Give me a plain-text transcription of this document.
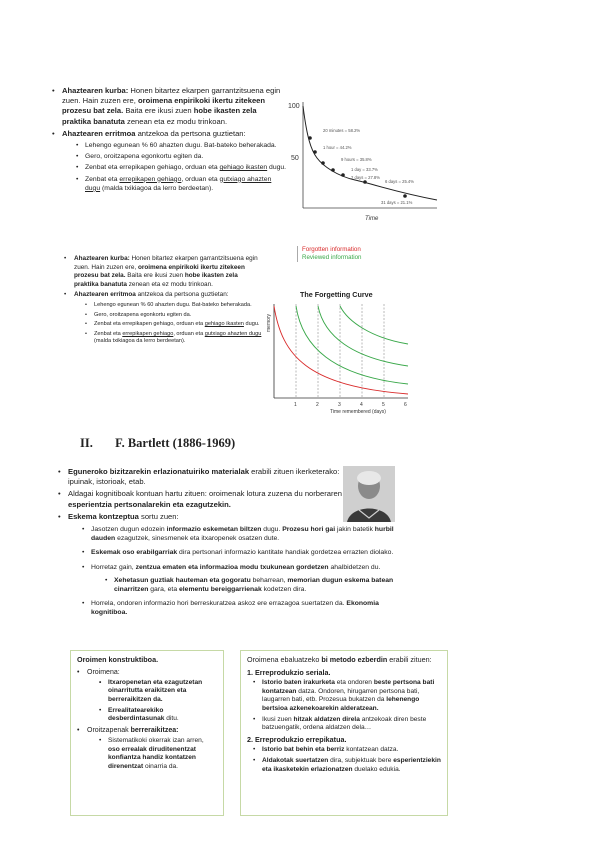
• Ahaztearen kurba: Honen bitartez ekarpen garrantzitsuena egin zuen. Hain zuzen ere, oroimena enpirikoki ikertu zitekeen prozesu bat zela. Baita ere ikusi zuen hobe ikasten zela praktika banatuta zenean eta ez modu trinkoan.
• Ahaztearen erritmoa antzekoa da pertsona guztietan:
• Lehengo egunean % 60 ahazten dugu. Bat-bateko beherakada.
• Gero, oroitzapena egonkortu egiten da.
• Zenbat eta errepikapen gehiago, orduan eta gehiago ikasten dugu.
• Zenbat eta errepikapen gehiago, orduan eta gutxiago ahazten dugu (malda txikiagoa da lerro berdeetan).
100
50
20 minutes = 58.2%
1 hour = 44.2%
9 hours = 35.8%
1 day = 33.7%
2 days = 27.8%
6 days = 25.4%
31 days = 21.1%
Time
• Ahaztearen kurba: Honen bitartez ekarpen garrantzitsuena egin zuen. Hain zuzen ere, oroimena enpirikoki ikertu zitekeen prozesu bat zela. Baita ere ikusi zuen hobe ikasten zela praktika banatuta zenean eta ez modu trinkoan.
• Ahaztearen erritmoa antzekoa da pertsona guztietan:
• Lehengo egunean % 60 ahazten dugu. Bat-bateko beherakada.
• Gero, oroitzapena egonkortu egiten da.
• Zenbat eta errepikapen gehiago, orduan eta gehiago ikasten dugu.
• Zenbat eta errepikapen gehiago, orduan eta gutxiago ahazten dugu (malda txikiagoa da lerro berdeetan).
Forgotten information
Reviewed information
The Forgetting Curve
memory
1	2	3	4	5	6
Time remembered (days)
II. F. Bartlett (1886-1969)
• Eguneroko bizitzarekin erlazionatuiriko materialak erabili zituen ikerketerako: ipuinak, istorioak, etab.
• Aldagai kognitiboak kontuan hartu zituen: oroimenak lotura zuzena du norberaren esperientzia pertsonalarekin eta ezagutzekin.
• Eskema kontzeptua sortu zuen:
• Jasotzen dugun edozein informazio eskemetan biltzen dugu. Prozesu hori gai jakin batetik hurbil dauden ezagutzek, sinesmenek eta itxaropenek osatzen dute.
• Eskemak oso erabilgarriak dira pertsonari informazio kantitate handiak gordetzea errazten diolako.
• Horretaz gain, zentzua ematen eta informazioa modu txukunean gordetzen ahalbidetzen du.
• Xehetasun guztiak hauteman eta gogoratu beharrean, memorian dugun eskema batean cinarritzen gara, eta elementu bereiggarrienak kodetzen dira.
• Horrela, ondoren informazio hori berreskuratzea askoz ere errazagoa suertatzen da. Ekonomia kognitiboa.
Oroimen konstruktiboa.
• Oroimena:
• Itxaropenetan eta ezagutzetan oinarritutta eraikitzen eta berreraikitzen da.
• Errealitatearekiko desberdintasunak ditu.
• Oroitzapenak berreraikitzea:
• Sistematikoki okerrak izan arren, oso errealak diruditenentzat konfiantza handiz kontatzen direnentzat oinarria da.
Oroimena ebaluatzeko bi metodo ezberdin erabili zituen:
1. Erreprodukzio seriala.
• Istorio baten irakurketa eta ondoren beste pertsona bati kontatzean datza. Ondoren, hirugarren pertsona bati, laugarren bati, etb. Prozesua bukatzen da lehenengo bertsioa azkenekoarekin alderatzean.
• Ikusi zuen hitzak aldatzen direla antzekoak diren beste batzuengatik, ordena aldatzen dela…
2. Erreprodukzio errepikatua.
• Istorio bat behin eta berriz kontatzean datza.
• Aldakotak suertatzen dira, subjektuak bere esperientziekin eta ikasketekin erlazionatzen duelako edukia.
